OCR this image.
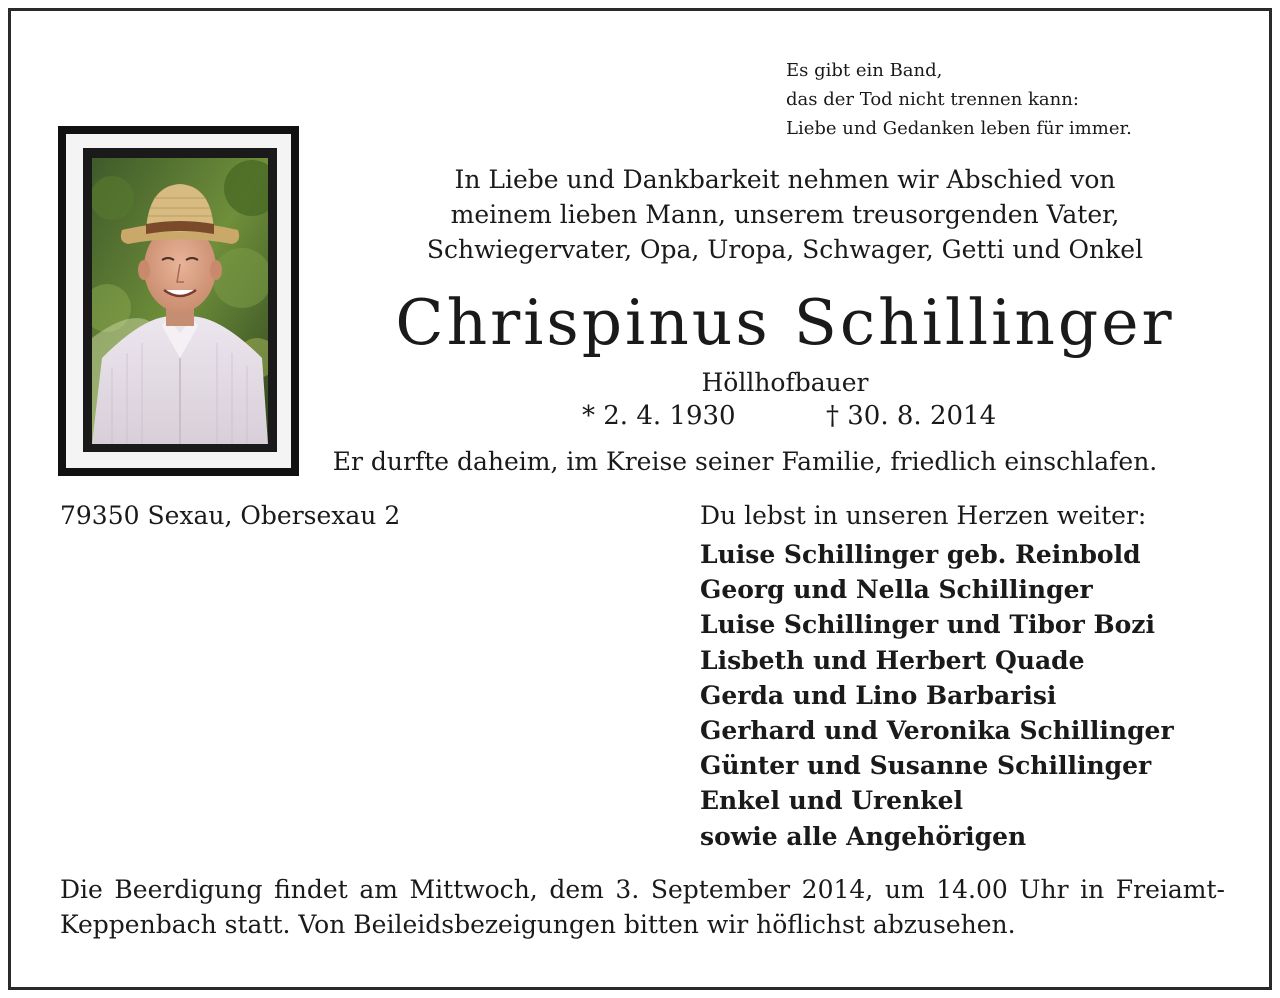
Es gibt ein Band,
das der Tod nicht trennen kann:
Liebe und Gedanken leben für immer.
In Liebe und Dankbarkeit nehmen wir Abschied von
meinem lieben Mann, unserem treusorgenden Vater,
Schwiegervater, Opa, Uropa, Schwager, Getti und Onkel
Chrispinus Schillinger
Höllhofbauer
* 2. 4. 1930	† 30. 8. 2014
Er durfte daheim, im Kreise seiner Familie, friedlich einschlafen.
79350 Sexau, Obersexau 2	Du lebst in unseren Herzen weiter:
Luise Schillinger geb. Reinbold
Georg und Nella Schillinger
Luise Schillinger und Tibor Bozi
Lisbeth und Herbert Quade
Gerda und Lino Barbarisi
Gerhard und Veronika Schillinger
Günter und Susanne Schillinger
Enkel und Urenkel
sowie alle Angehörigen
Die Beerdigung findet am Mittwoch, dem 3. September 2014, um 14.00 Uhr in Freiamt-Keppenbach statt. Von Beileidsbezeigungen bitten wir höflichst abzusehen.
